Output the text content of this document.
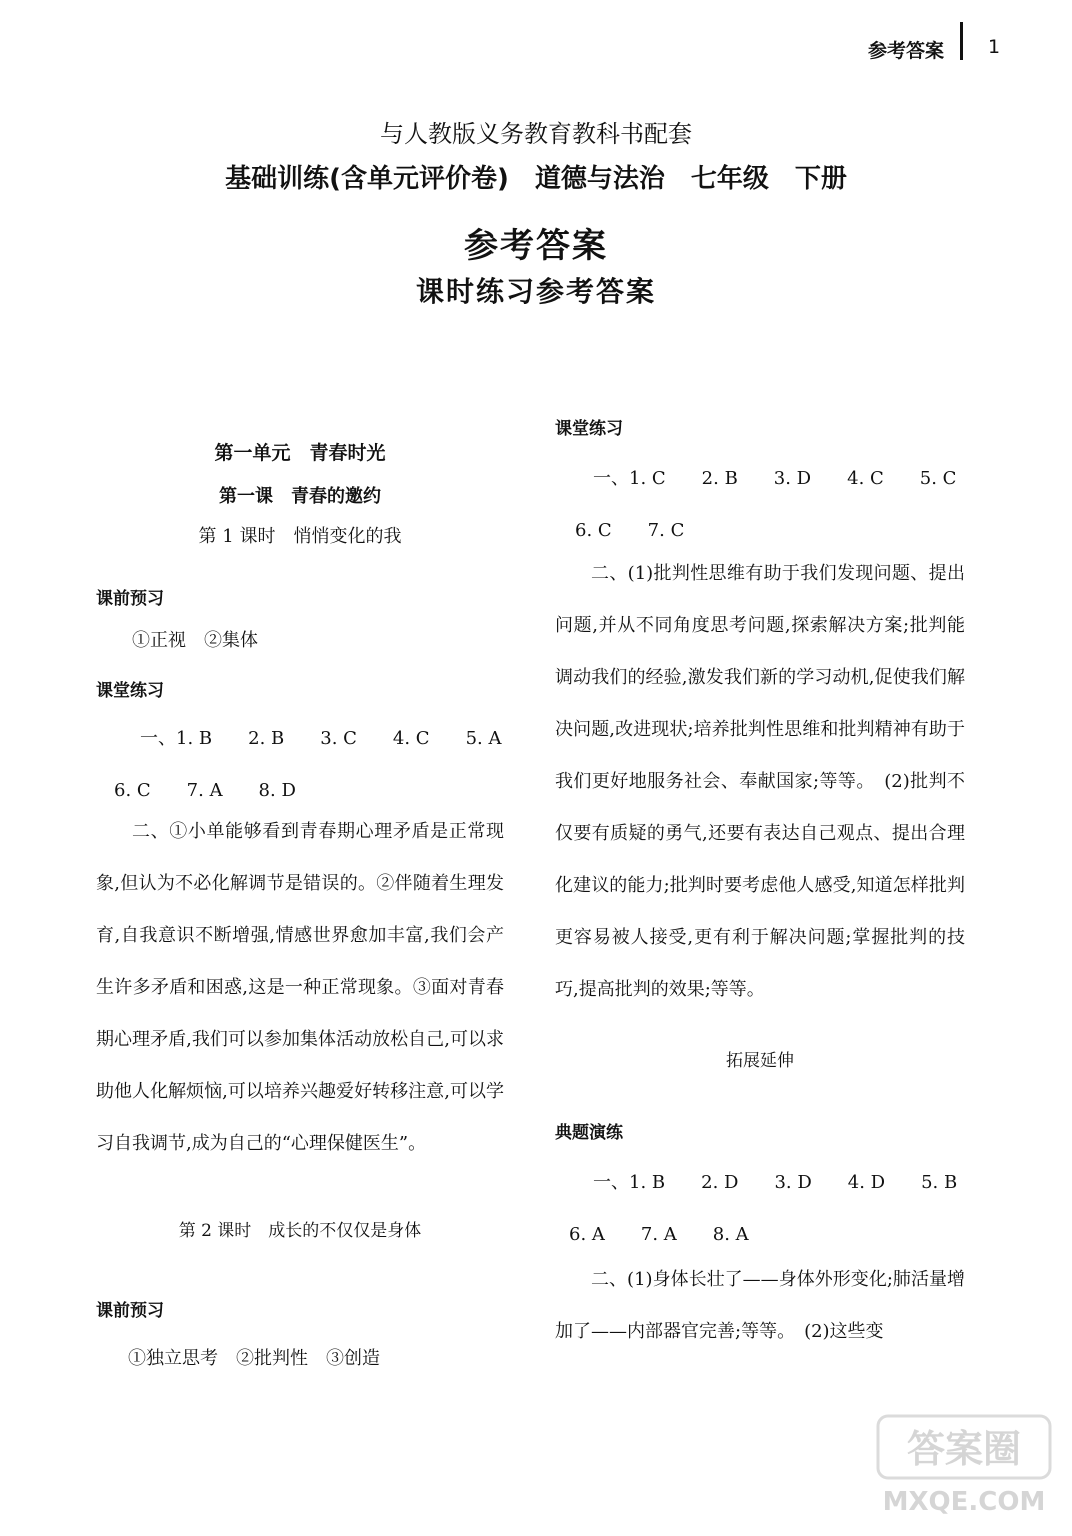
参考答案 1
与人教版义务教育教科书配套
基础训练(含单元评价卷)　道德与法治　七年级　下册
参考答案
课时练习参考答案
第一单元　青春时光
第一课　青春的邀约
第 1 课时　悄悄变化的我
课前预习
①正视　②集体
课堂练习
一、1. B　　2. B　　3. C　　4. C　　5. A
6. C　　7. A　　8. D

二、①小单能够看到青春期心理矛盾是正常现象,但认为不必化解调节是错误的。②伴随着生理发育,自我意识不断增强,情感世界愈加丰富,我们会产生许多矛盾和困惑,这是一种正常现象。③面对青春期心理矛盾,我们可以参加集体活动放松自己,可以求助他人化解烦恼,可以培养兴趣爱好转移注意,可以学习自我调节,成为自己的“心理保健医生”。

第 2 课时　成长的不仅仅是身体
课前预习
①独立思考　②批判性　③创造
课堂练习
一、1. C　　2. B　　3. D　　4. C　　5. C
6. C　　7. C

二、(1)批判性思维有助于我们发现问题、提出问题,并从不同角度思考问题,探索解决方案;批判能调动我们的经验,激发我们新的学习动机,促使我们解决问题,改进现状;培养批判性思维和批判精神有助于我们更好地服务社会、奉献国家;等等。　(2)批判不仅要有质疑的勇气,还要有表达自己观点、提出合理化建议的能力;批判时要考虑他人感受,知道怎样批判更容易被人接受,更有利于解决问题;掌握批判的技巧,提高批判的效果;等等。

拓展延伸
典题演练
一、1. B　　2. D　　3. D　　4. D　　5. B
6. A　　7. A　　8. A

二、(1)身体长壮了——身体外形变化;肺活量增加了——内部器官完善;等等。　(2)这些变

答案圈
MXQE.COM
